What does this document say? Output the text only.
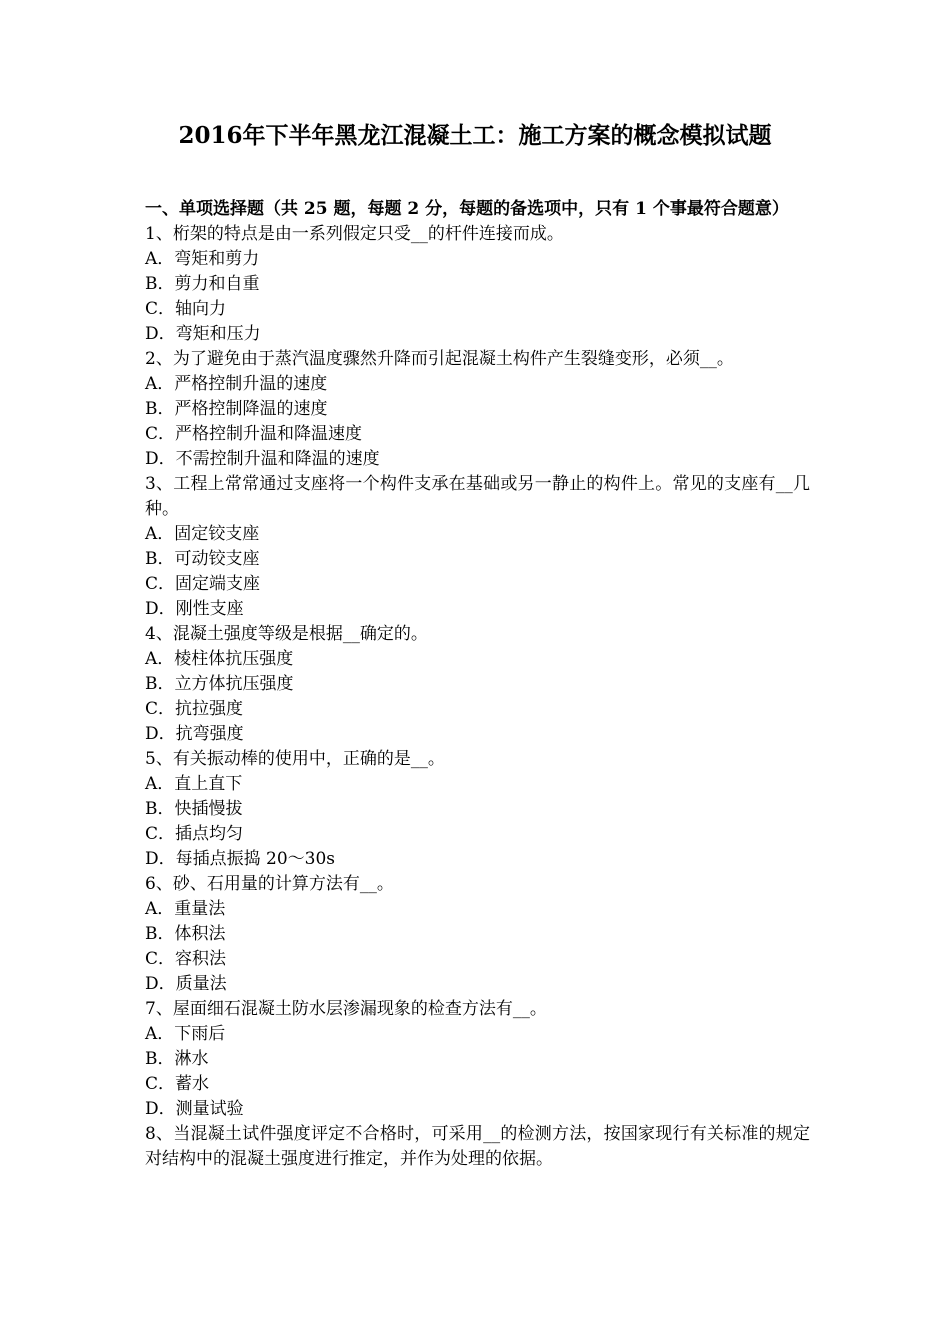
2016年下半年黑龙江混凝土工：施工方案的概念模拟试题
一、单项选择题（共 25 题，每题 2 分，每题的备选项中，只有 1 个事最符合题意）
1、桁架的特点是由一系列假定只受__的杆件连接而成。
A．弯矩和剪力
B．剪力和自重
C．轴向力
D．弯矩和压力
2、为了避免由于蒸汽温度骤然升降而引起混凝土构件产生裂缝变形，必须__。
A．严格控制升温的速度
B．严格控制降温的速度
C．严格控制升温和降温速度
D．不需控制升温和降温的速度
3、工程上常常通过支座将一个构件支承在基础或另一静止的构件上。常见的支座有__几种。
A．固定铰支座
B．可动铰支座
C．固定端支座
D．刚性支座
4、混凝土强度等级是根据__确定的。
A．棱柱体抗压强度
B．立方体抗压强度
C．抗拉强度
D．抗弯强度
5、有关振动棒的使用中，正确的是__。
A．直上直下
B．快插慢拔
C．插点均匀
D．每插点振捣 20～30s
6、砂、石用量的计算方法有__。
A．重量法
B．体积法
C．容积法
D．质量法
7、屋面细石混凝土防水层渗漏现象的检查方法有__。
A．下雨后
B．淋水
C．蓄水
D．测量试验
8、当混凝土试件强度评定不合格时，可采用__的检测方法，按国家现行有关标准的规定对结构中的混凝土强度进行推定，并作为处理的依据。
